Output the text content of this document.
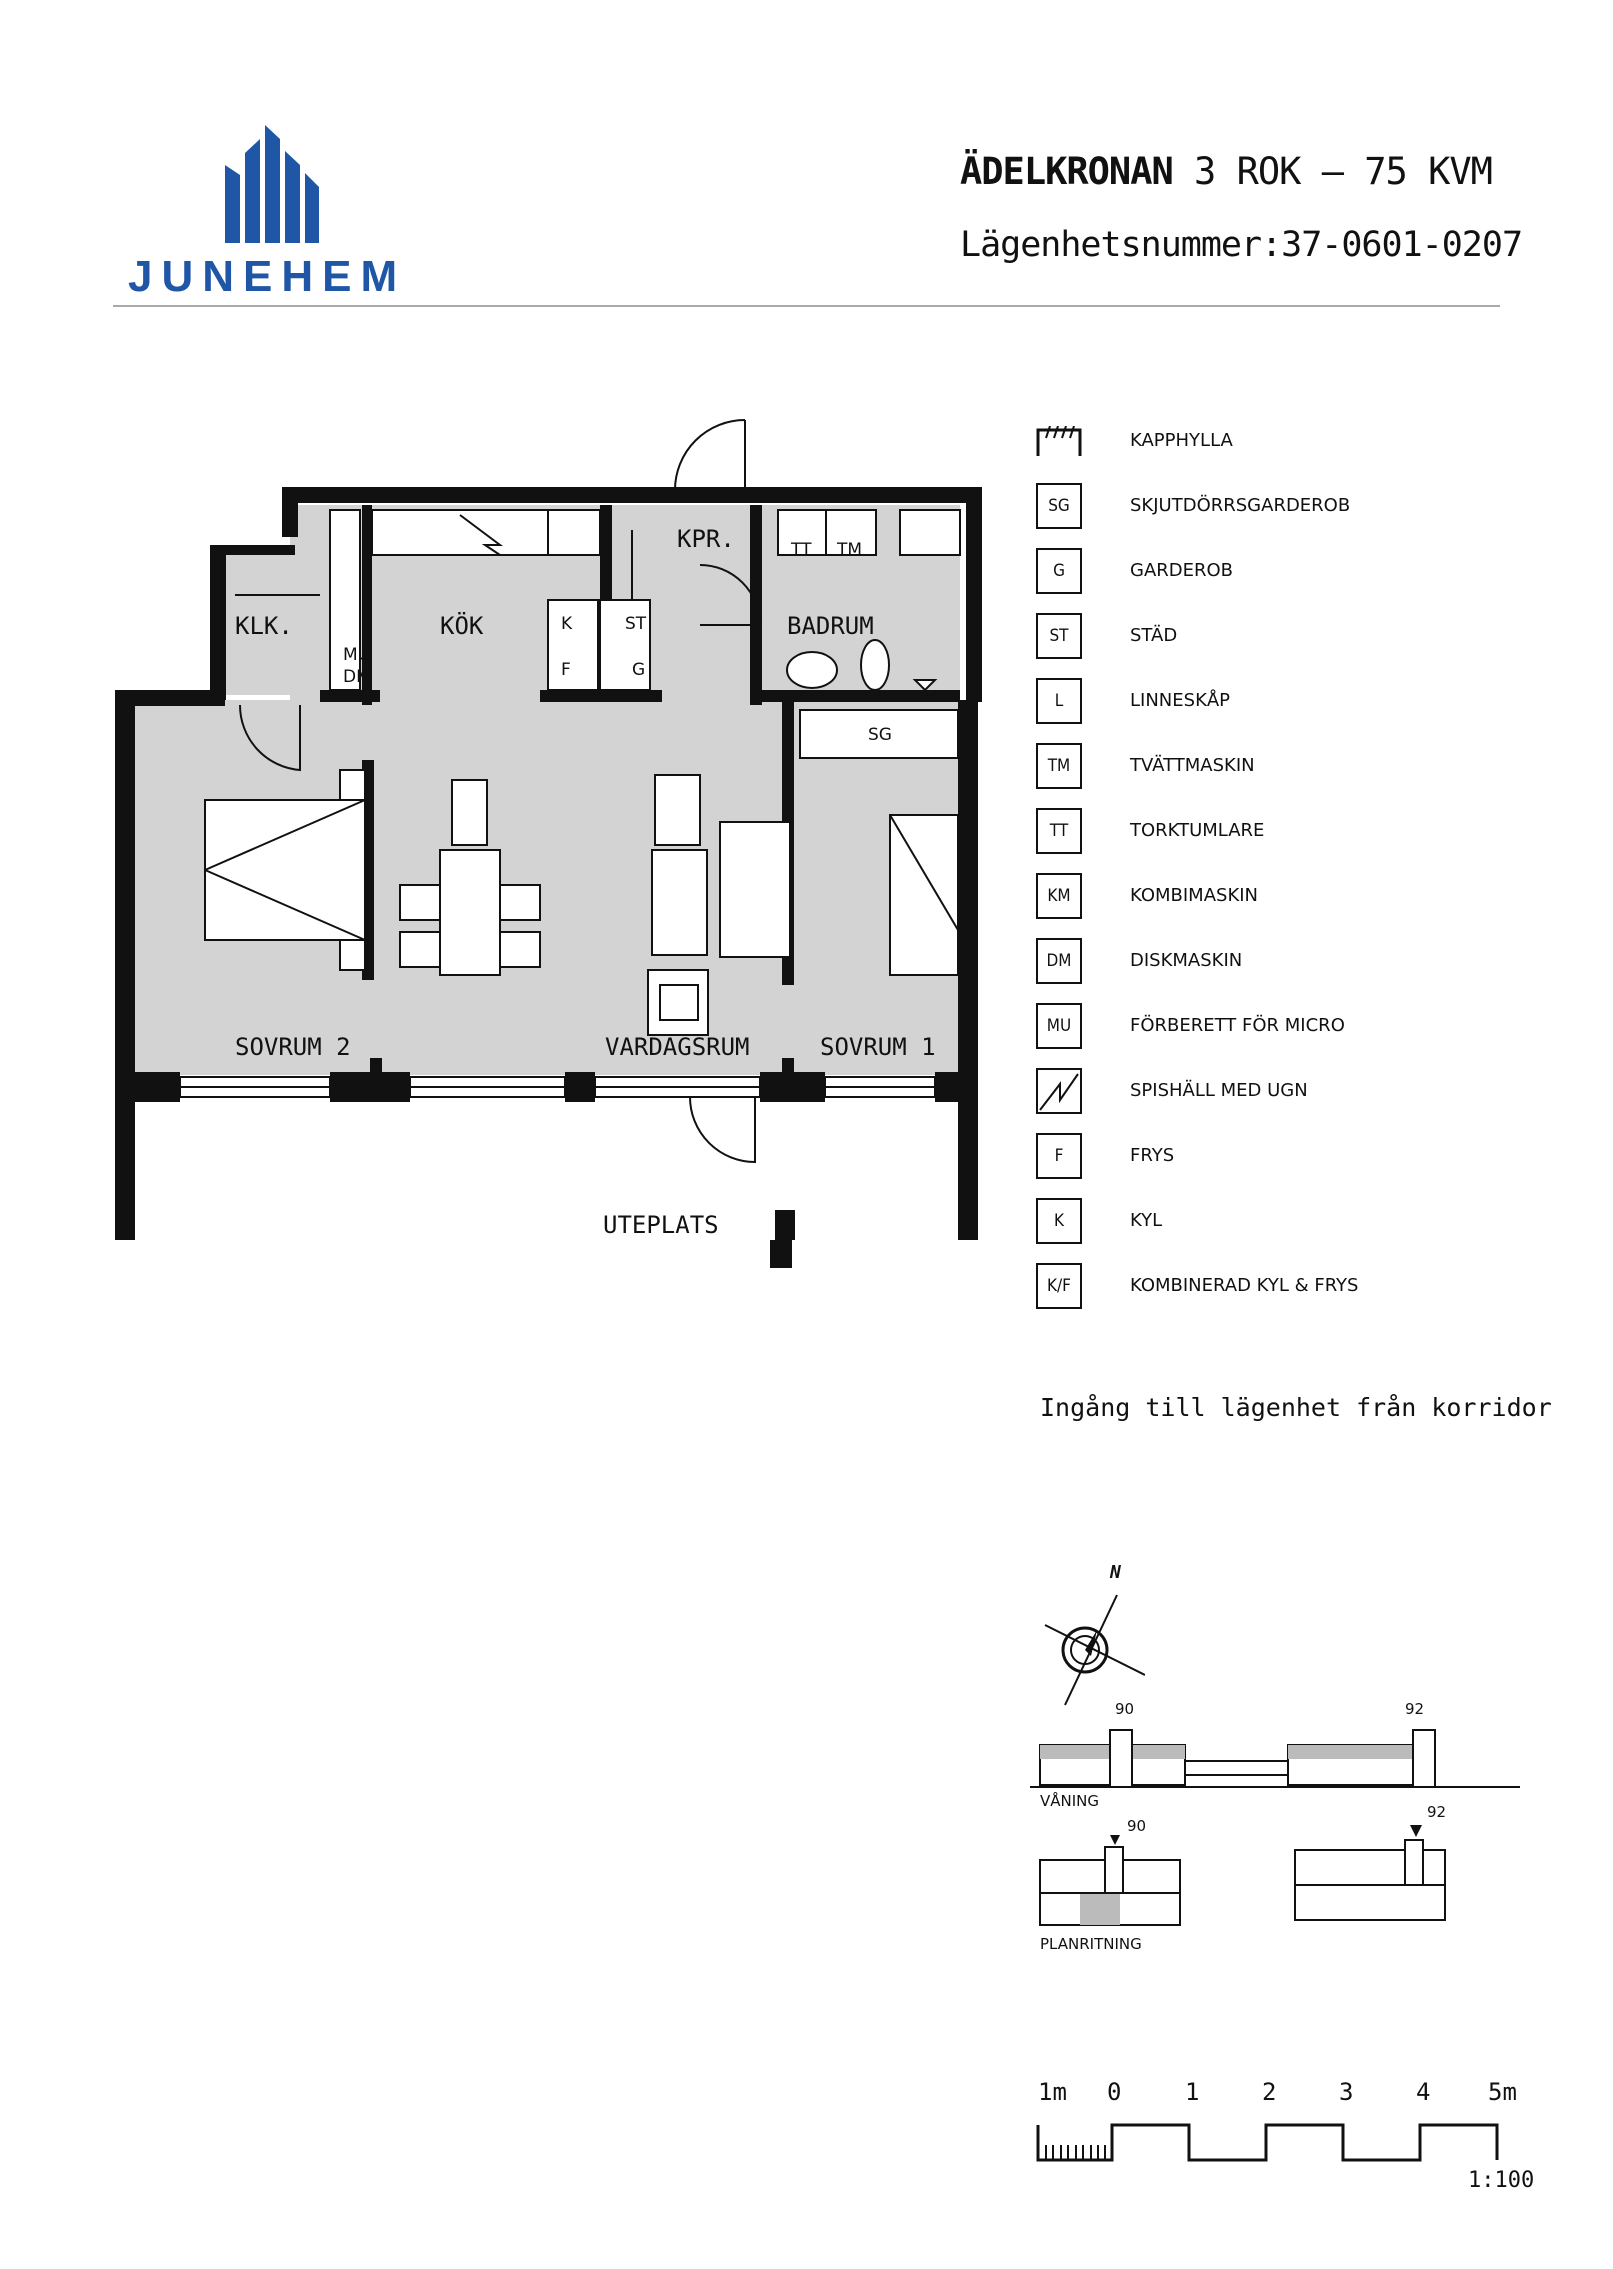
JUNEHEM
ÄDELKRONAN 3 ROK – 75 KVM
Lägenhetsnummer:37-0601-0207
KLK.	KÖK
KPR.
BADRUM
SOVRUM 2	VARDAGSRUM	SOVRUM 1
UTEPLATS
K
F
ST
G
TT TM
SG
MU
DM
KAPPHYLLA
SG	SKJUTDÖRRSGARDEROB
G	GARDEROB
ST	STÄD
L	LINNESKÅP
TM	TVÄTTMASKIN
TT	TORKTUMLARE
KM	KOMBIMASKIN
DM	DISKMASKIN
MU	FÖRBERETT FÖR MICRO
SPISHÄLL MED UGN
F	FRYS
K	KYL
K/F	KOMBINERAD KYL & FRYS
Ingång till lägenhet från korridor
N
90	92
VÅNING
90
92
PLANRITNING
1m 0	1	2	3	4 5m
1:100
